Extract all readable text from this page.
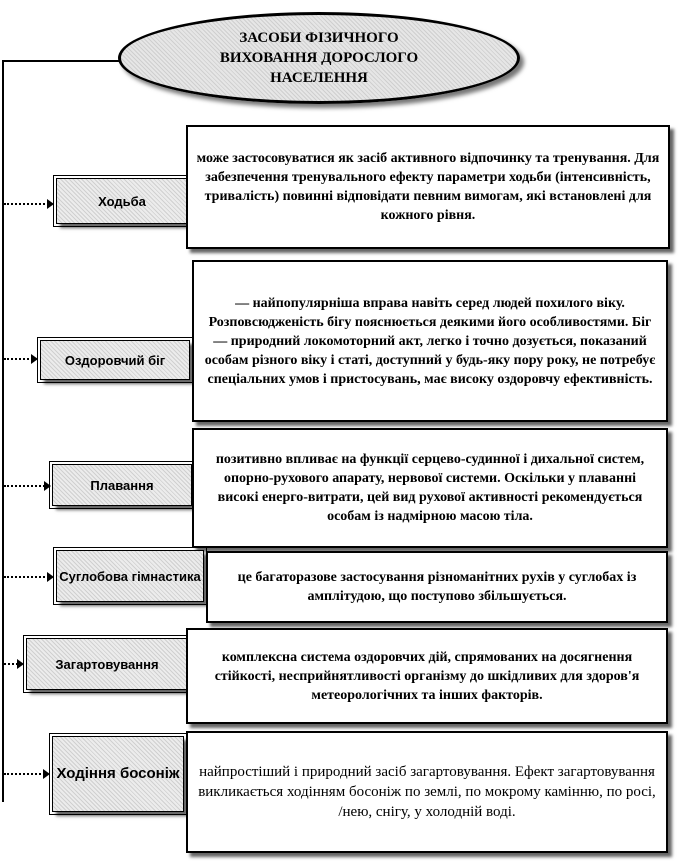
ЗАСОБИ ФІЗИЧНОГО ВИХОВАННЯ ДОРОСЛОГО НАСЕЛЕННЯ
Ходьба
може застосовуватися як засіб активного відпочинку та тренування. Для забезпечення тренувального ефекту параметри ходьби (інтенсивність, тривалість) повинні відповідати певним вимогам, які встановлені для кожного рівня.
Оздоровчий біг
— найпопулярніша вправа навіть серед людей похилого віку. Розповсюдженість бігу пояснюється деякими його особливостями. Біг — природний локомоторний акт, легко і точно дозується, показаний особам різного віку і статі, доступний у будь-яку пору року, не потребує спеціальних умов і пристосувань, має високу оздоровчу ефективність.
Плавання
позитивно впливає на функції серцево-судинної і дихальної систем, опорно-рухового апарату, нервової системи. Оскільки у плаванні високі енерго-витрати, цей вид рухової активності рекомендується особам із надмірною масою тіла.
Суглобова гімнастика	це багаторазове застосування різноманітних рухів у суглобах із амплітудою, що поступово збільшується.
Загартовування	комплексна система оздоровчих дій, спрямованих на досягнення стійкості, несприйнятливості організму до шкідливих для здоров'я метеорологічних та інших факторів.
Ходіння босоніж	найпростіший і природний засіб загартовування. Ефект загартовування викликається ходінням босоніж по землі, по мокрому камінню, по росі, /нею, снігу, у холодній воді.
